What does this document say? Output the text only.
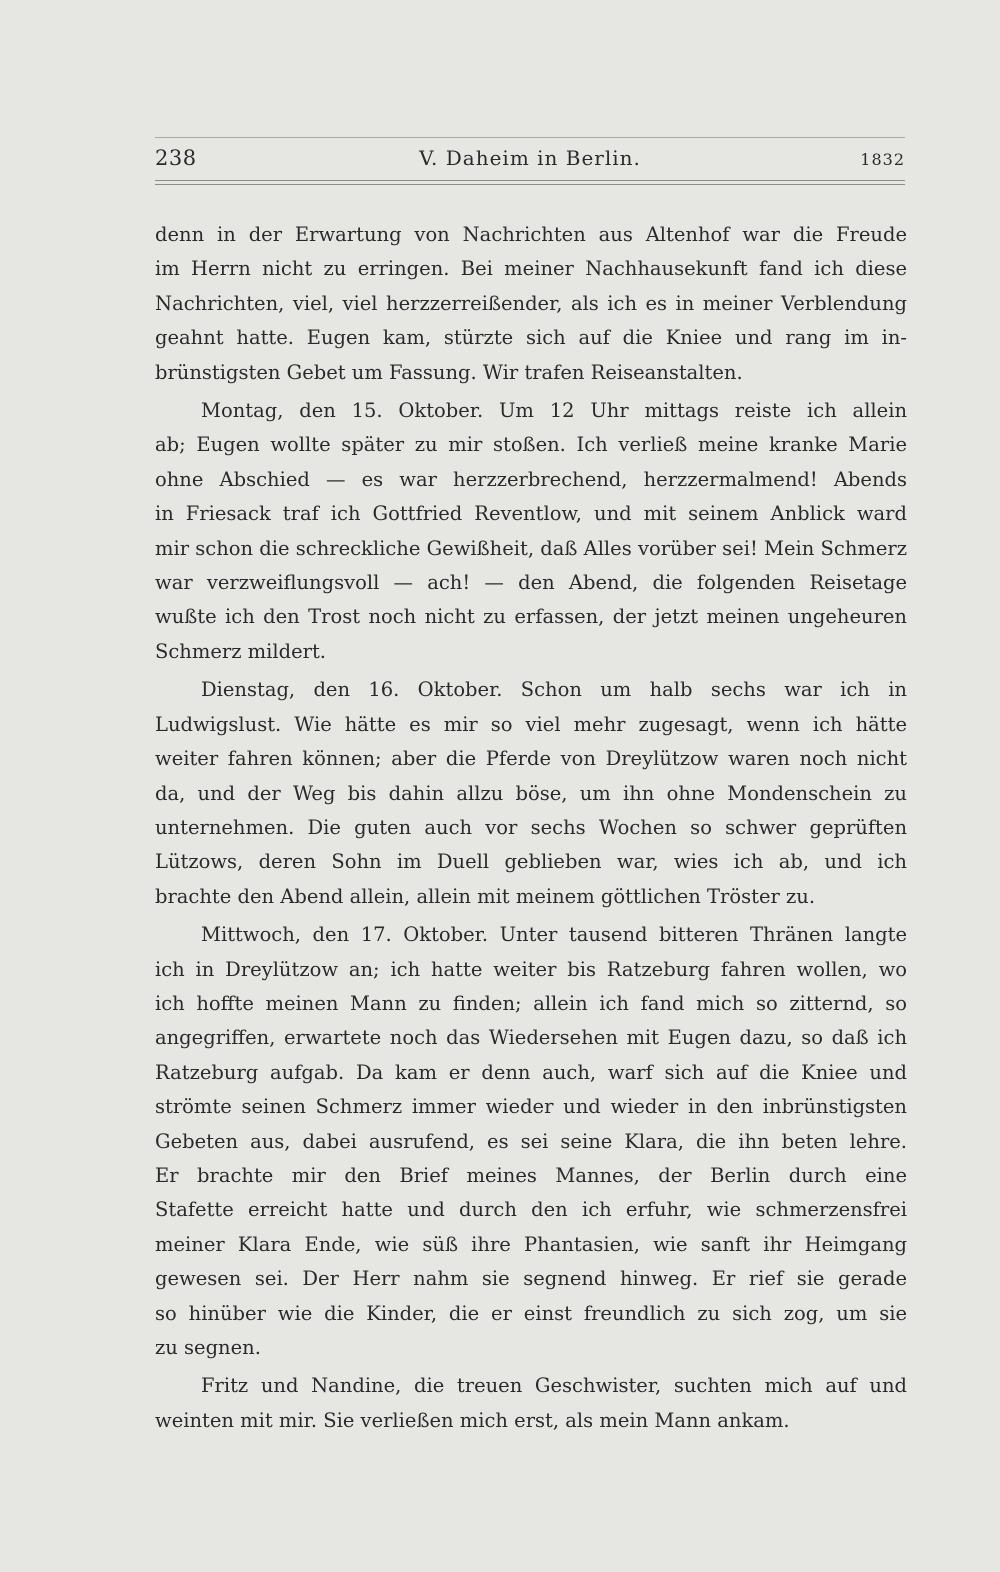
238	V. Daheim in Berlin.	1832

denn in der Erwartung von Nachrichten aus Altenhof war die Freude
im Herrn nicht zu erringen. Bei meiner Nachhausekunft fand ich diese
Nachrichten, viel, viel herzzerreißender, als ich es in meiner Verblendung
geahnt hatte. Eugen kam, stürzte sich auf die Kniee und rang im in-
brünstigsten Gebet um Fassung. Wir trafen Reiseanstalten.

Montag, den 15. Oktober. Um 12 Uhr mittags reiste ich allein
ab; Eugen wollte später zu mir stoßen. Ich verließ meine kranke Marie
ohne Abschied — es war herzzerbrechend, herzzermalmend! Abends
in Friesack traf ich Gottfried Reventlow, und mit seinem Anblick ward
mir schon die schreckliche Gewißheit, daß Alles vorüber sei! Mein Schmerz
war verzweiflungsvoll — ach! — den Abend, die folgenden Reisetage
wußte ich den Trost noch nicht zu erfassen, der jetzt meinen ungeheuren
Schmerz mildert.

Dienstag, den 16. Oktober. Schon um halb sechs war ich in
Ludwigslust. Wie hätte es mir so viel mehr zugesagt, wenn ich hätte
weiter fahren können; aber die Pferde von Dreylützow waren noch nicht
da, und der Weg bis dahin allzu böse, um ihn ohne Mondenschein zu
unternehmen. Die guten auch vor sechs Wochen so schwer geprüften
Lützows, deren Sohn im Duell geblieben war, wies ich ab, und ich
brachte den Abend allein, allein mit meinem göttlichen Tröster zu.

Mittwoch, den 17. Oktober. Unter tausend bitteren Thränen langte
ich in Dreylützow an; ich hatte weiter bis Ratzeburg fahren wollen, wo
ich hoffte meinen Mann zu finden; allein ich fand mich so zitternd, so
angegriffen, erwartete noch das Wiedersehen mit Eugen dazu, so daß ich
Ratzeburg aufgab. Da kam er denn auch, warf sich auf die Kniee und
strömte seinen Schmerz immer wieder und wieder in den inbrünstigsten
Gebeten aus, dabei ausrufend, es sei seine Klara, die ihn beten lehre.
Er brachte mir den Brief meines Mannes, der Berlin durch eine
Stafette erreicht hatte und durch den ich erfuhr, wie schmerzensfrei
meiner Klara Ende, wie süß ihre Phantasien, wie sanft ihr Heimgang
gewesen sei. Der Herr nahm sie segnend hinweg. Er rief sie gerade
so hinüber wie die Kinder, die er einst freundlich zu sich zog, um sie
zu segnen.

Fritz und Nandine, die treuen Geschwister, suchten mich auf und
weinten mit mir. Sie verließen mich erst, als mein Mann ankam.
